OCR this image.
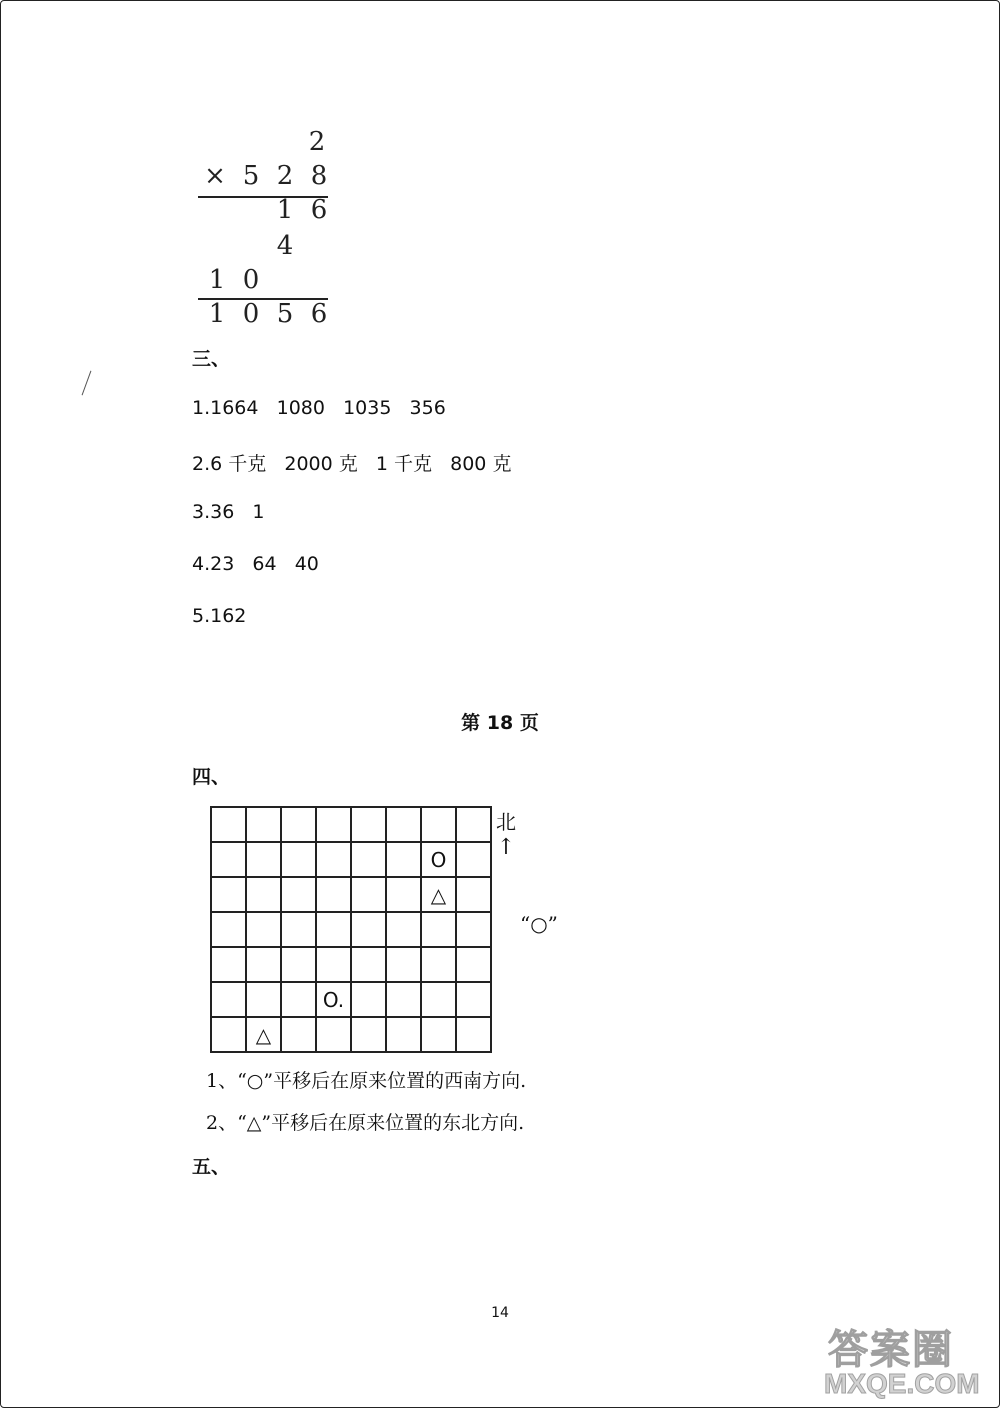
2
× 5 2 8
1 6
4
1 0
1 0 5 6
三、
1.1664   1080   1035   356
2.6 千克   2000 克   1 千克   800 克
3.36   1
4.23   64   40
5.162
第 18 页
四、

						O	
						△	

			O.				
	△						
北
↑
“○”
1、“○”平移后在原来位置的西南方向.
2、“△”平移后在原来位置的东北方向.
五、
14
答案圈
MXQE.COM
